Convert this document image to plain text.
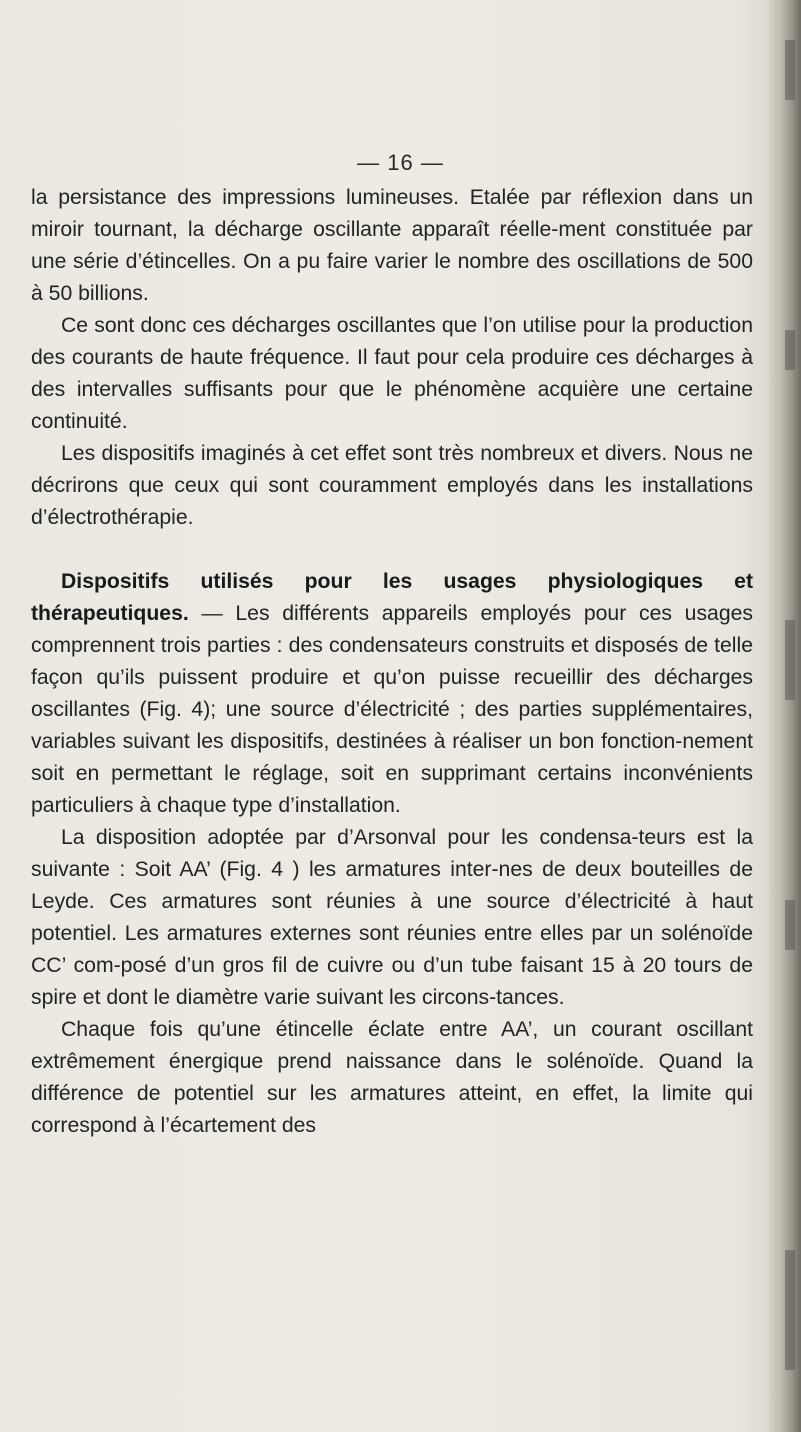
— 16 —

la persistance des impressions lumineuses. Etalée par réflexion dans un miroir tournant, la décharge oscillante apparaît réelle-ment constituée par une série d’étincelles. On a pu faire varier le nombre des oscillations de 500 à 50 billions.

Ce sont donc ces décharges oscillantes que l’on utilise pour la production des courants de haute fréquence. Il faut pour cela produire ces décharges à des intervalles suffisants pour que le phénomène acquière une certaine continuité.

Les dispositifs imaginés à cet effet sont très nombreux et divers. Nous ne décrirons que ceux qui sont couramment employés dans les installations d’électrothérapie.

Dispositifs utilisés pour les usages physiologiques et thérapeutiques. — Les différents appareils employés pour ces usages comprennent trois parties : des condensateurs construits et disposés de telle façon qu’ils puissent produire et qu’on puisse recueillir des décharges oscillantes (Fig. 4); une source d’électricité ; des parties supplémentaires, variables suivant les dispositifs, destinées à réaliser un bon fonction-nement soit en permettant le réglage, soit en supprimant certains inconvénients particuliers à chaque type d’installation.

La disposition adoptée par d’Arsonval pour les condensa-teurs est la suivante : Soit AA’ (Fig. 4 ) les armatures inter-nes de deux bouteilles de Leyde. Ces armatures sont réunies à une source d’électricité à haut potentiel. Les armatures externes sont réunies entre elles par un solénoïde CC’ com-posé d’un gros fil de cuivre ou d’un tube faisant 15 à 20 tours de spire et dont le diamètre varie suivant les circons-tances.

Chaque fois qu’une étincelle éclate entre AA’, un courant oscillant extrêmement énergique prend naissance dans le solénoïde. Quand la différence de potentiel sur les armatures atteint, en effet, la limite qui correspond à l’écartement des
